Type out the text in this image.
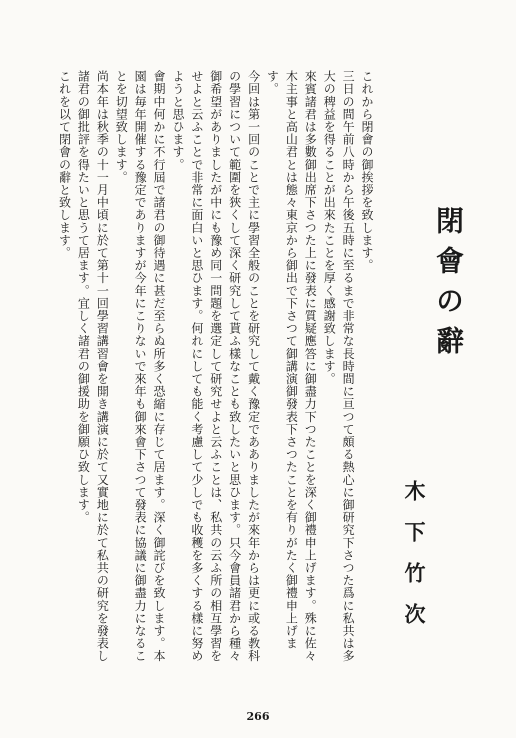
閉會の辭
木下竹次

これから閉會の御挨拶を致します。

三日の間午前八時から午後五時に至るまで非常な長時間に亘つて頗る熱心に御研究下さつた爲に私共は多大の稗益を得ることが出來たことを厚く感謝致します。

來賓諸君は多數御出席下さつた上に發表に質疑應答に御盡力下つたことを深く御禮申上げます。殊に佐々木主事と高山君とは態々東京から御出で下さつて御講演御發表下さつたことを有りがたく御禮申上げます。

今回は第一回のことで主に學習全般のことを研究して戴く豫定であありましたが來年からは更に或る教科の學習について範圍を狹くして深く研究して貰ふ樣なことも致したいと思ひます。只今會員諸君から種々御希望がありましたが中にも豫め同一問題を選定して研究せよと云ふことは、私共の云ふ所の相互學習をせよと云ふことで非常に面白いと思ひます。何れにしても能く考慮して少しでも收穫を多くする樣に努めようと思ひます。

會期中何かに不行屆で諸君の御待遇に甚だ至らぬ所多く恐縮に存じて居ます。深く御詫びを致します。本園は毎年開催する豫定でありますが今年にこりないで來年も御來會下さつて發表に協議に御盡力になることを切望致します。

尚本年は秋季の十一月中頃に於て第十一回學習講習會を開き講演に於て又實地に於て私共の研究を發表し諸君の御批評を得たいと思うて居ます。宜しく諸君の御援助を御願ひ致します。

これを以て閉會の辭と致します。

266
